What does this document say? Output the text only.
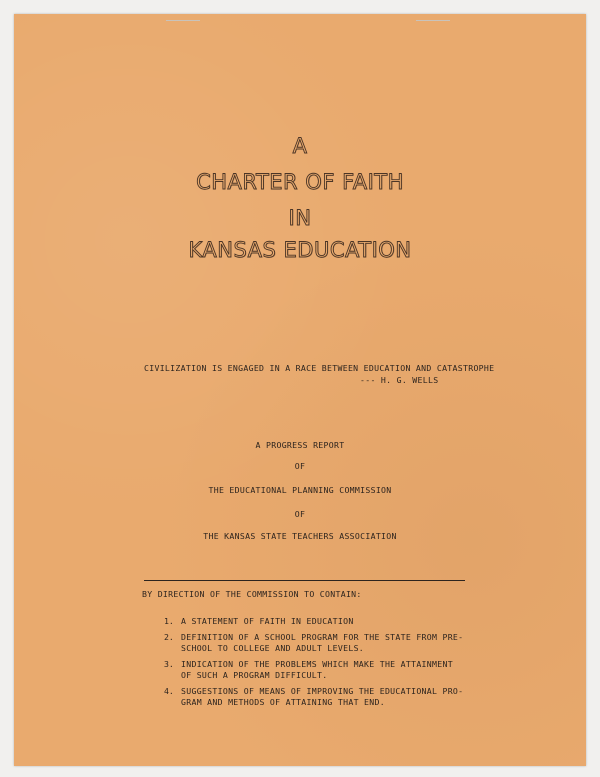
A
CHARTER OF FAITH
IN
KANSAS EDUCATION
CIVILIZATION IS ENGAGED IN A RACE BETWEEN EDUCATION AND CATASTROPHE
--- H. G. WELLS
A PROGRESS REPORT
OF
THE EDUCATIONAL PLANNING COMMISSION
OF
THE KANSAS STATE TEACHERS ASSOCIATION
BY DIRECTION OF THE COMMISSION TO CONTAIN:
1. A STATEMENT OF FAITH IN EDUCATION
2. DEFINITION OF A SCHOOL PROGRAM FOR THE STATE FROM PRE-
SCHOOL TO COLLEGE AND ADULT LEVELS.
3. INDICATION OF THE PROBLEMS WHICH MAKE THE ATTAINMENT
OF SUCH A PROGRAM DIFFICULT.
4. SUGGESTIONS OF MEANS OF IMPROVING THE EDUCATIONAL PRO-
GRAM AND METHODS OF ATTAINING THAT END.
